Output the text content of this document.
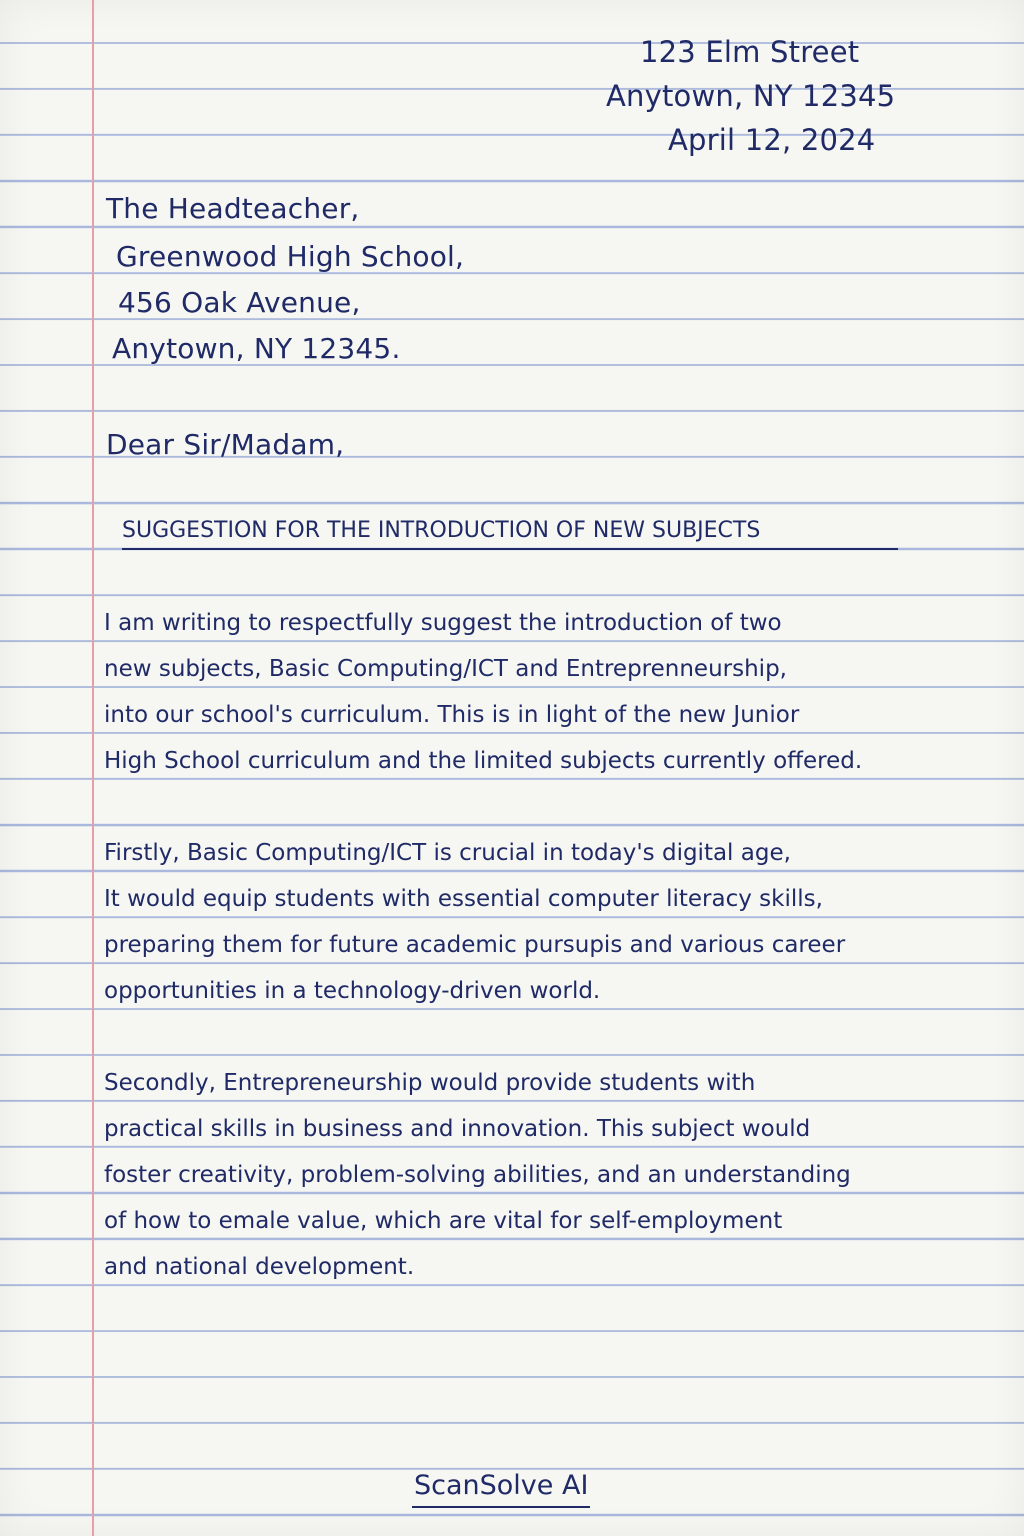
123 Elm Street
Anytown, NY 12345
April 12, 2024
The Headteacher,
Greenwood High School,
456 Oak Avenue,
Anytown, NY 12345.
Dear Sir/Madam,
SUGGESTION FOR THE INTRODUCTION OF NEW SUBJECTS
I am writing to respectfully suggest the introduction of two
new subjects, Basic Computing/ICT and Entreprenneurship,
into our school's curriculum. This is in light of the new Junior
High School curriculum and the limited subjects currently offered.
Firstly, Basic Computing/ICT is crucial in today's digital age,
It would equip students with essential computer literacy skills,
preparing them for future academic pursupis and various career
opportunities in a technology-driven world.
Secondly, Entrepreneurship would provide students with
practical skills in business and innovation. This subject would
foster creativity, problem-solving abilities, and an understanding
of how to emale value, which are vital for self-employment
and national development.
ScanSolve AI
